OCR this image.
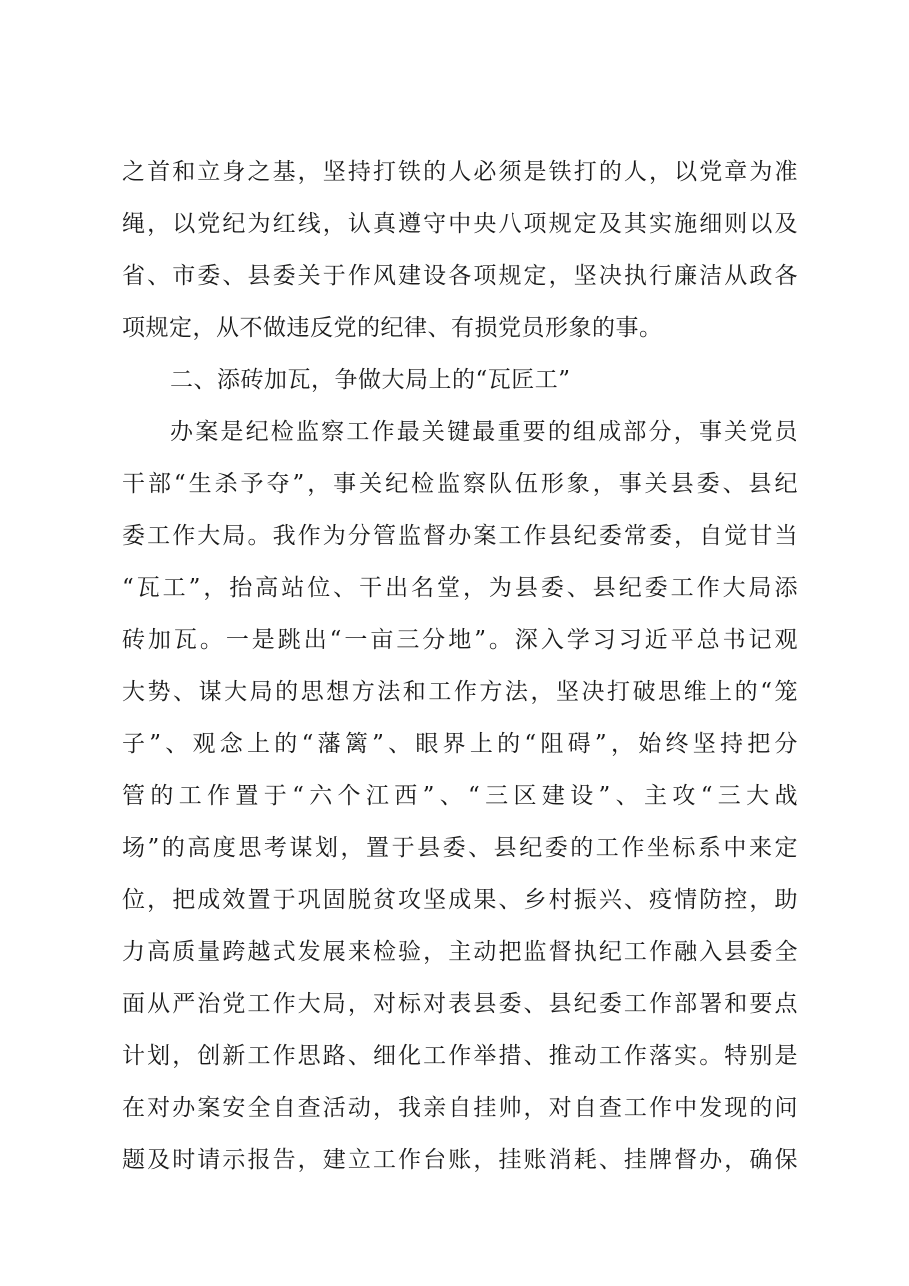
之首和立身之基，坚持打铁的人必须是铁打的人，以党章为准
绳，以党纪为红线，认真遵守中央八项规定及其实施细则以及
省、市委、县委关于作风建设各项规定，坚决执行廉洁从政各
项规定，从不做违反党的纪律、有损党员形象的事。
二、添砖加瓦，争做大局上的“瓦匠工”
办案是纪检监察工作最关键最重要的组成部分，事关党员
干部“生杀予夺”，事关纪检监察队伍形象，事关县委、县纪
委工作大局。我作为分管监督办案工作县纪委常委，自觉甘当
“瓦工”，抬高站位、干出名堂，为县委、县纪委工作大局添
砖加瓦。一是跳出“一亩三分地”。深入学习习近平总书记观
大势、谋大局的思想方法和工作方法，坚决打破思维上的“笼
子”、观念上的“藩篱”、眼界上的“阻碍”，始终坚持把分
管的工作置于“六个江西”、“三区建设”、主攻“三大战
场”的高度思考谋划，置于县委、县纪委的工作坐标系中来定
位，把成效置于巩固脱贫攻坚成果、乡村振兴、疫情防控，助
力高质量跨越式发展来检验，主动把监督执纪工作融入县委全
面从严治党工作大局，对标对表县委、县纪委工作部署和要点
计划，创新工作思路、细化工作举措、推动工作落实。特别是
在对办案安全自查活动，我亲自挂帅，对自查工作中发现的问
题及时请示报告，建立工作台账，挂账消耗、挂牌督办，确保
